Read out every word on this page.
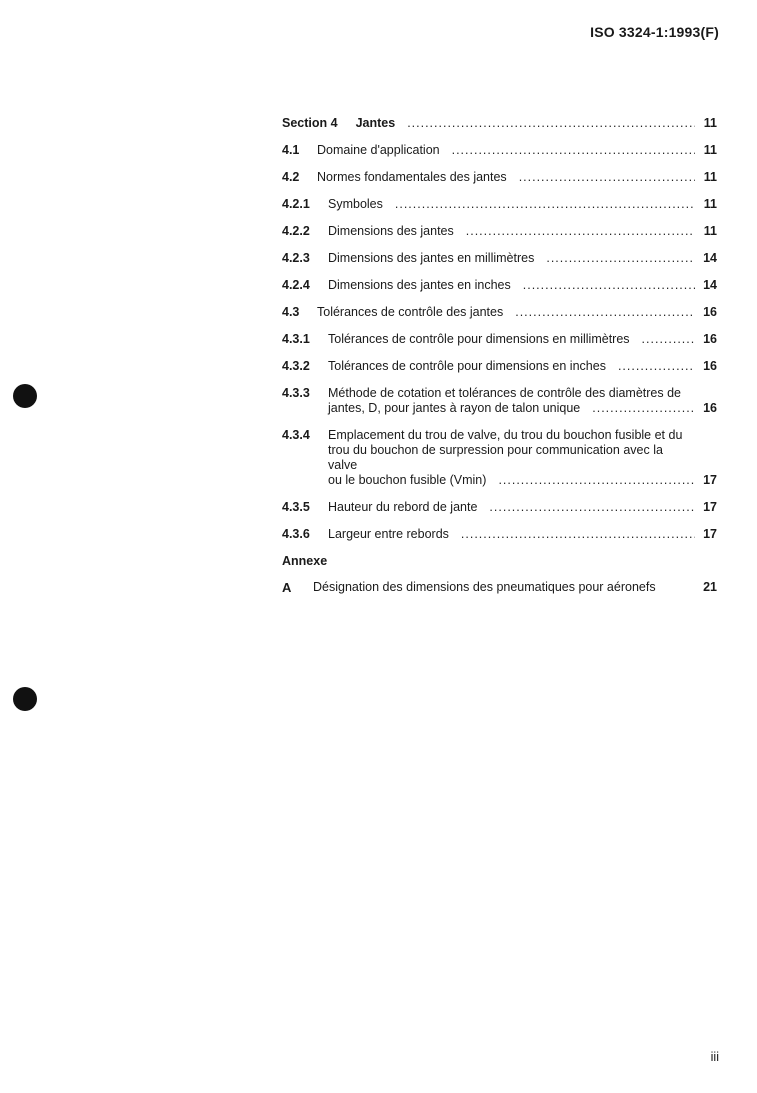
ISO 3324-1:1993(F)
Section 4 Jantes .....	11
4.1 Domaine d'application .....	11
4.2 Normes fondamentales des jantes .....	11
4.2.1 Symboles .....	11
4.2.2 Dimensions des jantes .....	11
4.2.3 Dimensions des jantes en millimètres .....	14
4.2.4 Dimensions des jantes en inches .....	14
4.3 Tolérances de contrôle des jantes .....	16
4.3.1 Tolérances de contrôle pour dimensions en millimètres .....	16
4.3.2 Tolérances de contrôle pour dimensions en inches .....	16
4.3.3 Méthode de cotation et tolérances de contrôle des diamètres de
jantes, D, pour jantes à rayon de talon unique .....	16
4.3.4 Emplacement du trou de valve, du trou du bouchon fusible et du
trou du bouchon de surpression pour communication avec la valve
ou le bouchon fusible (Vmin) .....	17
4.3.5 Hauteur du rebord de jante .....	17
4.3.6 Largeur entre rebords .....	17
Annexe
A	Désignation des dimensions des pneumatiques pour aéronefs	21
iii
